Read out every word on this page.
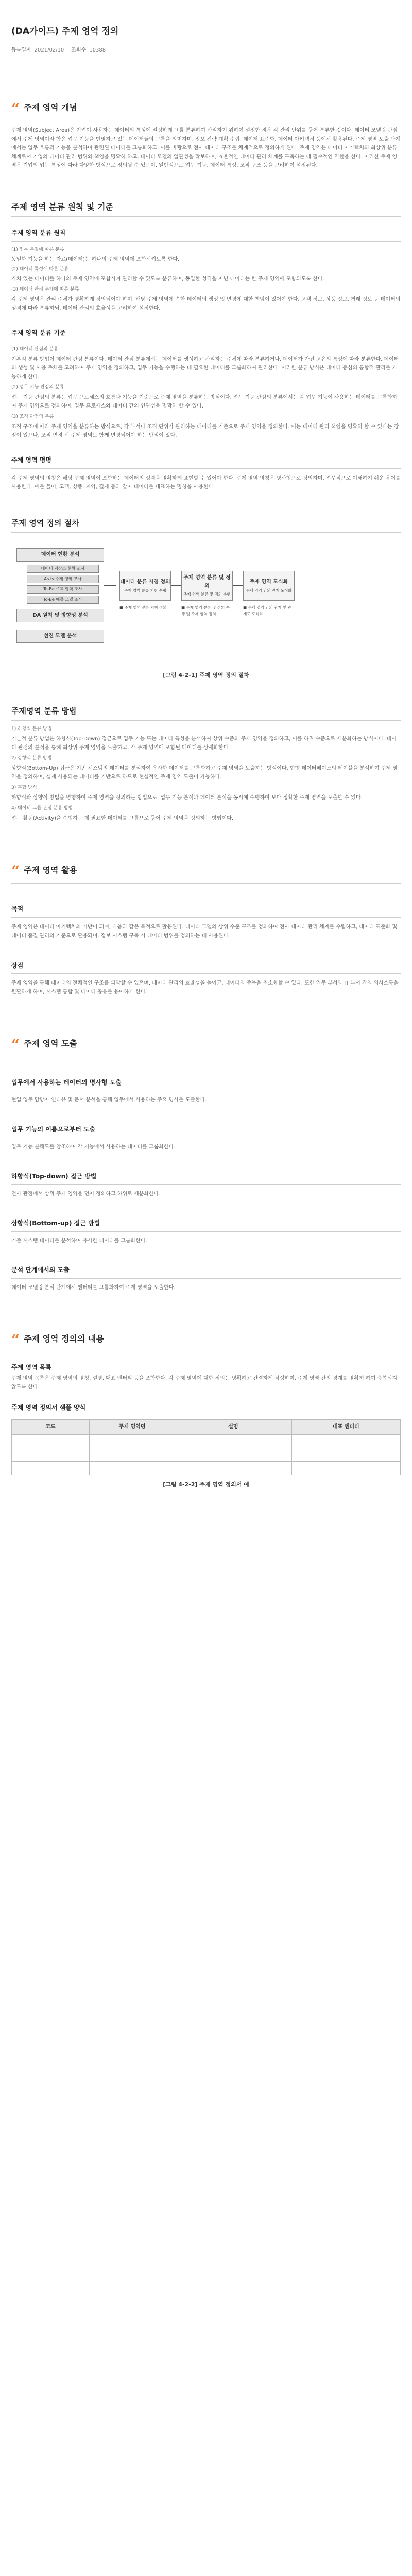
(DA가이드) 주제 영역 정의
등록일자 2021/02/10 조회수 10388
“ 주제 영역 개념

주제 영역(Subject Area)은 기업이 사용하는 데이터의 특성에 일정하게 그룹 분류하여 관리하기 위하여 설정한 경우 각 관리 단위를 묶어 분류한 것이다. 데이터 모델링 관점에서 주제 영역이라 함은 업무 기능을 반영하고 있는 데이터들의 그룹을 의미하며, 정보 전략 계획 수립, 데이터 표준화, 데이터 아키텍처 등에서 활용된다. 주제 영역 도출 단계에서는 업무 흐름과 기능을 분석하여 관련된 데이터를 그룹화하고, 이를 바탕으로 전사 데이터 구조를 체계적으로 정의하게 된다. 주제 영역은 데이터 아키텍처의 최상위 분류 체계로서 기업의 데이터 관리 범위와 책임을 명확히 하고, 데이터 모델의 일관성을 확보하며, 효율적인 데이터 관리 체계를 구축하는 데 필수적인 역할을 한다. 이러한 주제 영역은 기업의 업무 특성에 따라 다양한 방식으로 정의될 수 있으며, 일반적으로 업무 기능, 데이터 특성, 조직 구조 등을 고려하여 설정된다.

주제 영역 분류 원칙 및 기준
주제 영역 분류 원칙
(1) 업무 본질에 따른 분류

동일한 기능을 하는 자료(데이터)는 하나의 주제 영역에 포함시키도록 한다.

(2) 데이터 특성에 따른 분류

가치 있는 데이터를 하나의 주제 영역에 포함시켜 관리할 수 있도록 분류하며, 동일한 성격을 지닌 데이터는 한 주제 영역에 포함되도록 한다.

(3) 데이터 관리 주체에 따른 분류

각 주제 영역은 관리 주체가 명확하게 정의되어야 하며, 해당 주제 영역에 속한 데이터의 생성 및 변경에 대한 책임이 있어야 한다. 고객 정보, 상품 정보, 거래 정보 등 데이터의 성격에 따라 분류하되, 데이터 관리의 효율성을 고려하여 설정한다.

주제 영역 분류 기준
(1) 데이터 관점의 분류

기본적 분류 방법이 데이터 관점 분류이다. 데이터 관점 분류에서는 데이터를 생성하고 관리하는 주체에 따라 분류하거나, 데이터가 가진 고유의 특성에 따라 분류한다. 데이터의 생성 및 사용 주체를 고려하여 주제 영역을 정의하고, 업무 기능을 수행하는 데 필요한 데이터를 그룹화하여 관리한다. 이러한 분류 방식은 데이터 중심의 통합적 관리를 가능하게 한다.

(2) 업무 기능 관점의 분류

업무 기능 관점의 분류는 업무 프로세스의 흐름과 기능을 기준으로 주제 영역을 분류하는 방식이다. 업무 기능 관점의 분류에서는 각 업무 기능이 사용하는 데이터를 그룹화하여 주제 영역으로 정의하며, 업무 프로세스와 데이터 간의 연관성을 명확히 할 수 있다.

(3) 조직 관점의 분류

조직 구조에 따라 주제 영역을 분류하는 방식으로, 각 부서나 조직 단위가 관리하는 데이터를 기준으로 주제 영역을 정의한다. 이는 데이터 관리 책임을 명확히 할 수 있다는 장점이 있으나, 조직 변경 시 주제 영역도 함께 변경되어야 하는 단점이 있다.

주제 영역 명명

각 주제 영역의 명칭은 해당 주제 영역이 포함하는 데이터의 성격을 명확하게 표현할 수 있어야 한다. 주제 영역 명칭은 명사형으로 정의하며, 업무적으로 이해하기 쉬운 용어를 사용한다. 예를 들어, 고객, 상품, 계약, 결제 등과 같이 데이터를 대표하는 명칭을 사용한다.

주제 영역 정의 절차
데이터 현황 분석
데이터 저장소 현황 조사
As-Is 주제 영역 조사
To-Be 주제 영역 조사
To-Be 애플 모델 조사
DA 원칙 및 방향성 분석
선진 모델 분석
데이터 분류 지침 정의
주제 영역 분류 지침 수립
주제 영역 분류 및 정의
주제 영역 분류 및 정의 수행
주제 영역 도식화
주제 영역 간의 관계 도식화
■ 주제 영역 분류 지침 정의	■ 주제 영역 분류 및 정의 수행 및 주제 영역 정의
■ 주제 영역 간의 관계 및 관계도 도식화
[그림 4-2-1] 주제 영역 정의 절차
주제영역 분류 방법
1) 하향식 분류 방법

기본적 분류 방법은 하향식(Top-Down) 접근으로 업무 기능 또는 데이터 특성을 분석하여 상위 수준의 주제 영역을 정의하고, 이를 하위 수준으로 세분화하는 방식이다. 데이터 관점의 분석을 통해 최상위 주제 영역을 도출하고, 각 주제 영역에 포함될 데이터를 상세화한다.

2) 상향식 분류 방법

상향식(Bottom-Up) 접근은 기존 시스템의 데이터를 분석하여 유사한 데이터를 그룹화하고 주제 영역을 도출하는 방식이다. 현행 데이터베이스의 테이블을 분석하여 주제 영역을 정의하며, 실제 사용되는 데이터를 기반으로 하므로 현실적인 주제 영역 도출이 가능하다.

3) 혼합 방식

하향식과 상향식 방법을 병행하여 주제 영역을 정의하는 방법으로, 업무 기능 분석과 데이터 분석을 동시에 수행하여 보다 정확한 주제 영역을 도출할 수 있다.

4) 데이터 그룹 관점 분류 방법

업무 활동(Activity)을 수행하는 데 필요한 데이터를 그룹으로 묶어 주제 영역을 정의하는 방법이다.

“ 주제 영역 활용
목적

주제 영역은 데이터 아키텍처의 기반이 되며, 다음과 같은 목적으로 활용된다. 데이터 모델의 상위 수준 구조를 정의하여 전사 데이터 관리 체계를 수립하고, 데이터 표준화 및 데이터 품질 관리의 기준으로 활용되며, 정보 시스템 구축 시 데이터 범위를 정의하는 데 사용된다.

장점

주제 영역을 통해 데이터의 전체적인 구조를 파악할 수 있으며, 데이터 관리의 효율성을 높이고, 데이터의 중복을 최소화할 수 있다. 또한 업무 부서와 IT 부서 간의 의사소통을 원활하게 하며, 시스템 통합 및 데이터 공유를 용이하게 한다.

“ 주제 영역 도출
업무에서 사용하는 데이터의 명사형 도출

현업 업무 담당자 인터뷰 및 문서 분석을 통해 업무에서 사용하는 주요 명사를 도출한다.

업무 기능의 이름으로부터 도출

업무 기능 분해도를 참조하여 각 기능에서 사용하는 데이터를 그룹화한다.

하향식(Top-down) 접근 방법

전사 관점에서 상위 주제 영역을 먼저 정의하고 하위로 세분화한다.

상향식(Bottom-up) 접근 방법

기존 시스템 데이터를 분석하여 유사한 데이터를 그룹화한다.

분석 단계에서의 도출

데이터 모델링 분석 단계에서 엔터티를 그룹화하여 주제 영역을 도출한다.

“ 주제 영역 정의의 내용
주제 영역 목록

주제 영역 목록은 주제 영역의 명칭, 설명, 대표 엔터티 등을 포함한다. 각 주제 영역에 대한 정의는 명확하고 간결하게 작성하며, 주제 영역 간의 경계를 명확히 하여 중복되지 않도록 한다.

주제 영역 정의서 샘플 양식
코드	주제 영역명	설명	대표 엔터티

[그림 4-2-2] 주제 영역 정의서 예
